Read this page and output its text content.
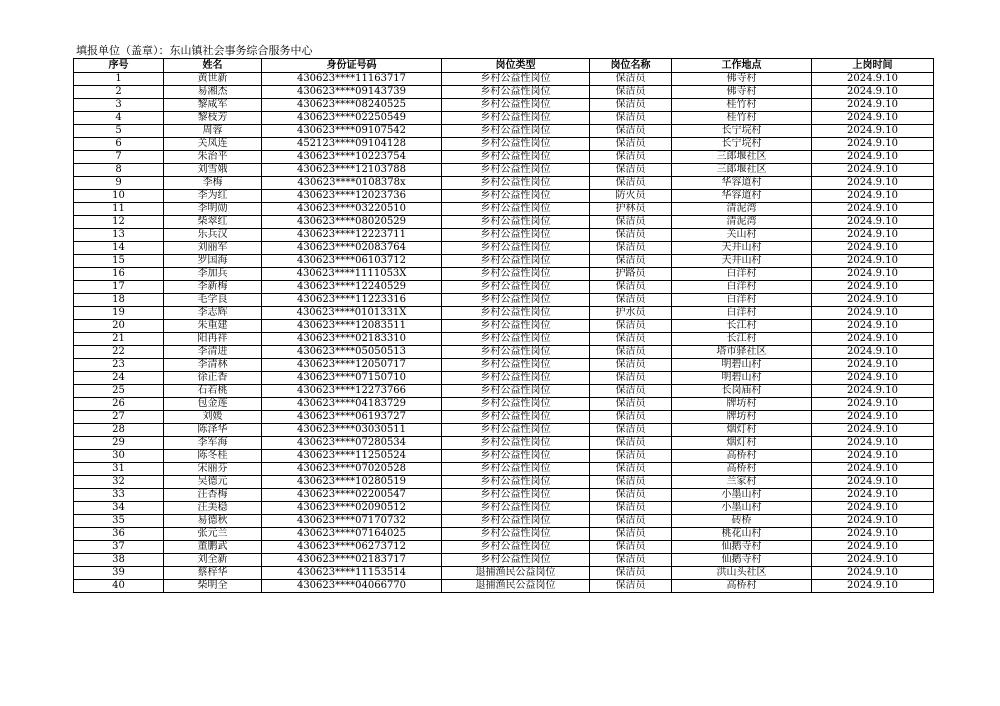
填报单位（盖章）：东山镇社会事务综合服务中心
序号	姓名	身份证号码	岗位类型	岗位名称	工作地点	上岗时间
1	黄世新	430623****11163717	乡村公益性岗位	保洁员	佛寺村	2024.9.10
2	易湘杰	430623****09143739	乡村公益性岗位	保洁员	佛寺村	2024.9.10
3	黎咸军	430623****08240525	乡村公益性岗位	保洁员	桂竹村	2024.9.10
4	黎枝芳	430623****02250549	乡村公益性岗位	保洁员	桂竹村	2024.9.10
5	周蓉	430623****09107542	乡村公益性岗位	保洁员	长宁垸村	2024.9.10
6	关凤连	452123****09104128	乡村公益性岗位	保洁员	长宁垸村	2024.9.10
7	朱治平	430623****10223754	乡村公益性岗位	保洁员	三郎堰社区	2024.9.10
8	刘雪娥	430623****12103788	乡村公益性岗位	保洁员	三郎堰社区	2024.9.10
9	李梅	430623****0108378x	乡村公益性岗位	保洁员	华容道村	2024.9.10
10	李为红	430623****12023736	乡村公益性岗位	防火员	华容道村	2024.9.10
11	李明勋	430623****03220510	乡村公益性岗位	护林员	清泥湾	2024.9.10
12	柴翠红	430623****08020529	乡村公益性岗位	保洁员	清泥湾	2024.9.10
13	乐兵汉	430623****12223711	乡村公益性岗位	保洁员	关山村	2024.9.10
14	刘丽军	430623****02083764	乡村公益性岗位	保洁员	天井山村	2024.9.10
15	罗国海	430623****06103712	乡村公益性岗位	保洁员	天井山村	2024.9.10
16	李加兵	430623****1111053X	乡村公益性岗位	护路员	白洋村	2024.9.10
17	李新梅	430623****12240529	乡村公益性岗位	保洁员	白洋村	2024.9.10
18	毛学良	430623****11223316	乡村公益性岗位	保洁员	白洋村	2024.9.10
19	李志辉	430623****0101331X	乡村公益性岗位	护水员	白洋村	2024.9.10
20	朱重建	430623****12083511	乡村公益性岗位	保洁员	长江村	2024.9.10
21	阳再祥	430623****02183310	乡村公益性岗位	保洁员	长江村	2024.9.10
22	李清进	430623****05050513	乡村公益性岗位	保洁员	塔市驿社区	2024.9.10
23	李清林	430623****12050717	乡村公益性岗位	保洁员	明碧山村	2024.9.10
24	徐正香	430623****07150710	乡村公益性岗位	保洁员	明碧山村	2024.9.10
25	石若桃	430623****12273766	乡村公益性岗位	保洁员	长岗庙村	2024.9.10
26	包金莲	430623****04183729	乡村公益性岗位	保洁员	牌坊村	2024.9.10
27	刘媛	430623****06193727	乡村公益性岗位	保洁员	牌坊村	2024.9.10
28	陈泽华	430623****03030511	乡村公益性岗位	保洁员	烟灯村	2024.9.10
29	李军海	430623****07280534	乡村公益性岗位	保洁员	烟灯村	2024.9.10
30	陈冬桂	430623****11250524	乡村公益性岗位	保洁员	高桥村	2024.9.10
31	宋丽芬	430623****07020528	乡村公益性岗位	保洁员	高桥村	2024.9.10
32	吴德元	430623****10280519	乡村公益性岗位	保洁员	兰家村	2024.9.10
33	汪杏梅	430623****02200547	乡村公益性岗位	保洁员	小墨山村	2024.9.10
34	汪美稳	430623****02090512	乡村公益性岗位	保洁员	小墨山村	2024.9.10
35	易德秋	430623****07170732	乡村公益性岗位	保洁员	砖桥	2024.9.10
36	张元兰	430623****07164025	乡村公益性岗位	保洁员	桃花山村	2024.9.10
37	董鹏武	430623****06273712	乡村公益性岗位	保洁员	仙鹅寺村	2024.9.10
38	刘全新	430623****02183717	乡村公益性岗位	保洁员	仙鹅寺村	2024.9.10
39	蔡梓华	430623****11153514	退捕渔民公益岗位	保洁员	洪山头社区	2024.9.10
40	柴明全	430623****04066770	退捕渔民公益岗位	保洁员	高桥村	2024.9.10
